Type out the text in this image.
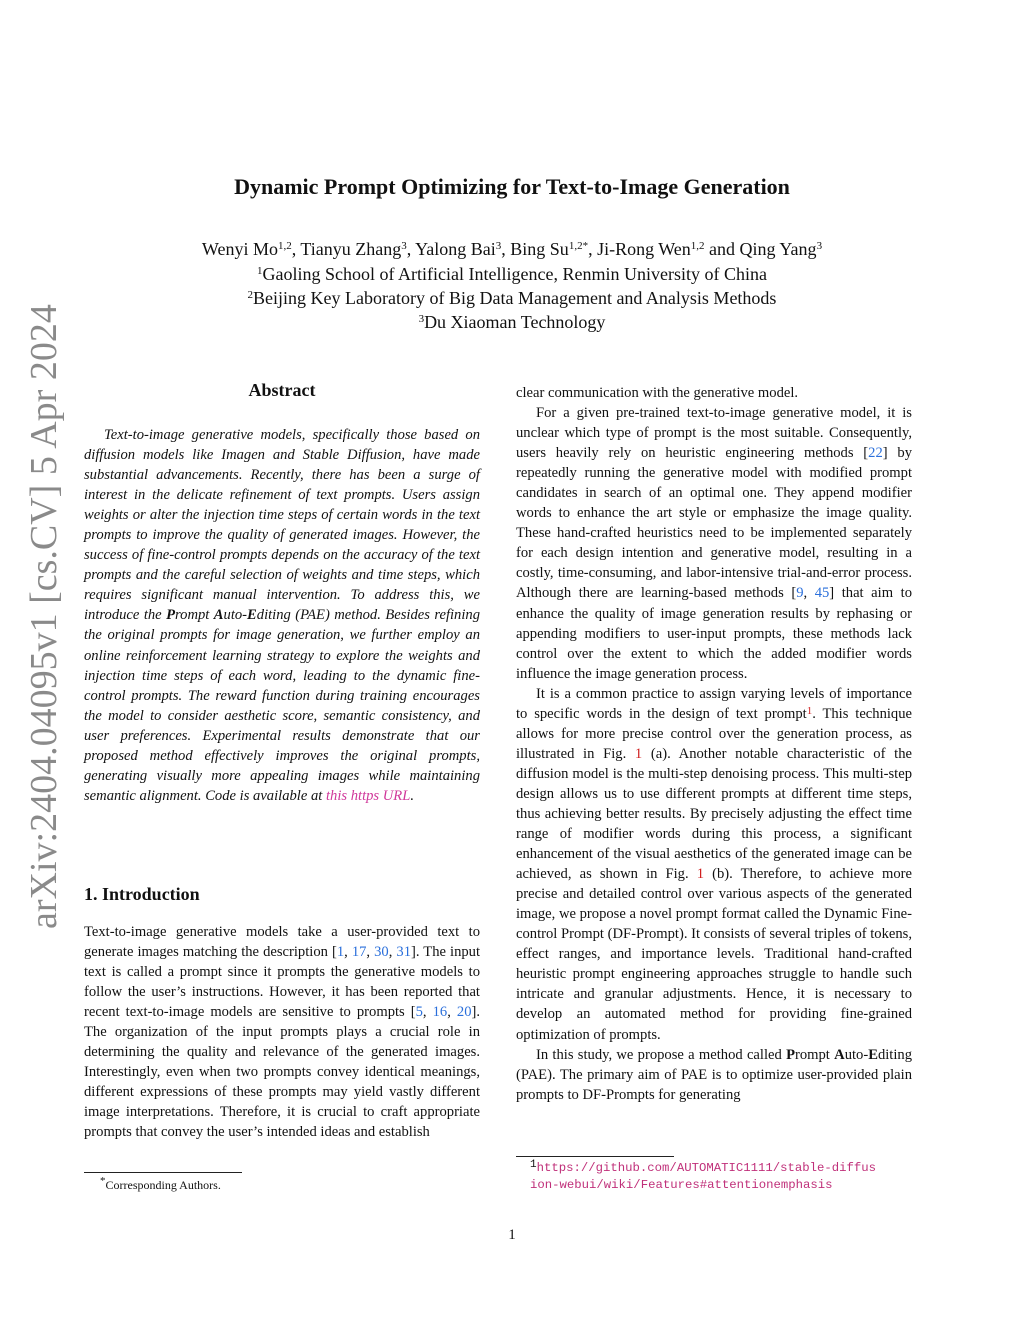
arXiv:2404.04095v1 [cs.CV] 5 Apr 2024
Dynamic Prompt Optimizing for Text-to-Image Generation
Wenyi Mo$^{1,2}$, Tianyu Zhang$^3$, Yalong Bai$^3$, Bing $Su^{1,2*}$, Ji-Rong Wen$^{1,2}$ and Qing Yang$^3$
$^1$Gaoling School of Artificial Intelligence, Renmin University of China
$^2$Beijing Key Laboratory of Big Data Management and Analysis Methods
$^3$Du Xiaoman Technology
Abstract
Text-to-image generative models, specifically those based on diffusion models like Imagen and Stable Diffusion, have made substantial advancements. Recently, there has been a surge of interest in the delicate refinement of text prompts. Users assign weights or alter the injection time steps of certain words in the text prompts to improve the quality of generated images. However, the success of fine-control prompts depends on the accuracy of the text prompts and the careful selection of weights and time steps, which requires significant manual intervention. To address this, we introduce the Prompt Auto-Editing (PAE) method. Besides refining the original prompts for image generation, we further employ an online reinforcement learning strategy to explore the weights and injection time steps of each word, leading to the dynamic fine-control prompts. The reward function during training encourages the model to consider aesthetic score, semantic consistency, and user preferences. Experimental results demonstrate that our proposed method effectively improves the original prompts, generating visually more appealing images while maintaining semantic alignment. Code is available at this https URL.
1. Introduction
Text-to-image generative models take a user-provided text to generate images matching the description [1, 17, 30, 31]. The input text is called a prompt since it prompts the generative models to follow the user’s instructions. However, it has been reported that recent text-to-image models are sensitive to prompts [5, 16, 20]. The organization of the input prompts plays a crucial role in determining the quality and relevance of the generated images. Interestingly, even when two prompts convey identical meanings, different expressions of these prompts may yield vastly different image interpretations. Therefore, it is crucial to craft appropriate prompts that convey the user’s intended ideas and establish
*Corresponding Authors.

clear communication with the generative model.

For a given pre-trained text-to-image generative model, it is unclear which type of prompt is the most suitable. Consequently, users heavily rely on heuristic engineering methods [22] by repeatedly running the generative model with modified prompt candidates in search of an optimal one. They append modifier words to enhance the art style or emphasize the image quality. These hand-crafted heuristics need to be implemented separately for each design intention and generative model, resulting in a costly, time-consuming, and labor-intensive trial-and-error process. Although there are learning-based methods [9, 45] that aim to enhance the quality of image generation results by rephasing or appending modifiers to user-input prompts, these methods lack control over the extent to which the added modifier words influence the image generation process.

It is a common practice to assign varying levels of importance to specific words in the design of text prompt$^1$. This technique allows for more precise control over the generation process, as illustrated in Fig. 1 (a). Another notable characteristic of the diffusion model is the multi-step denoising process. This multi-step design allows us to use different prompts at different time steps, thus achieving better results. By precisely adjusting the effect time range of modifier words during this process, a significant enhancement of the visual aesthetics of the generated image can be achieved, as shown in Fig. 1 (b). Therefore, to achieve more precise and detailed control over various aspects of the generated image, we propose a novel prompt format called the Dynamic Fine-control Prompt (DF-Prompt). It consists of several triples of tokens, effect ranges, and importance levels. Traditional hand-crafted heuristic prompt engineering approaches struggle to handle such intricate and granular adjustments. Hence, it is necessary to develop an automated method for providing fine-grained optimization of prompts.

In this study, we propose a method called Prompt Auto-Editing (PAE). The primary aim of PAE is to optimize user-provided plain prompts to DF-Prompts for generating

$^1$https://github.com/AUTOMATIC1111/stable-diffus
ion-webui/wiki/Features#attentionemphasis
1
